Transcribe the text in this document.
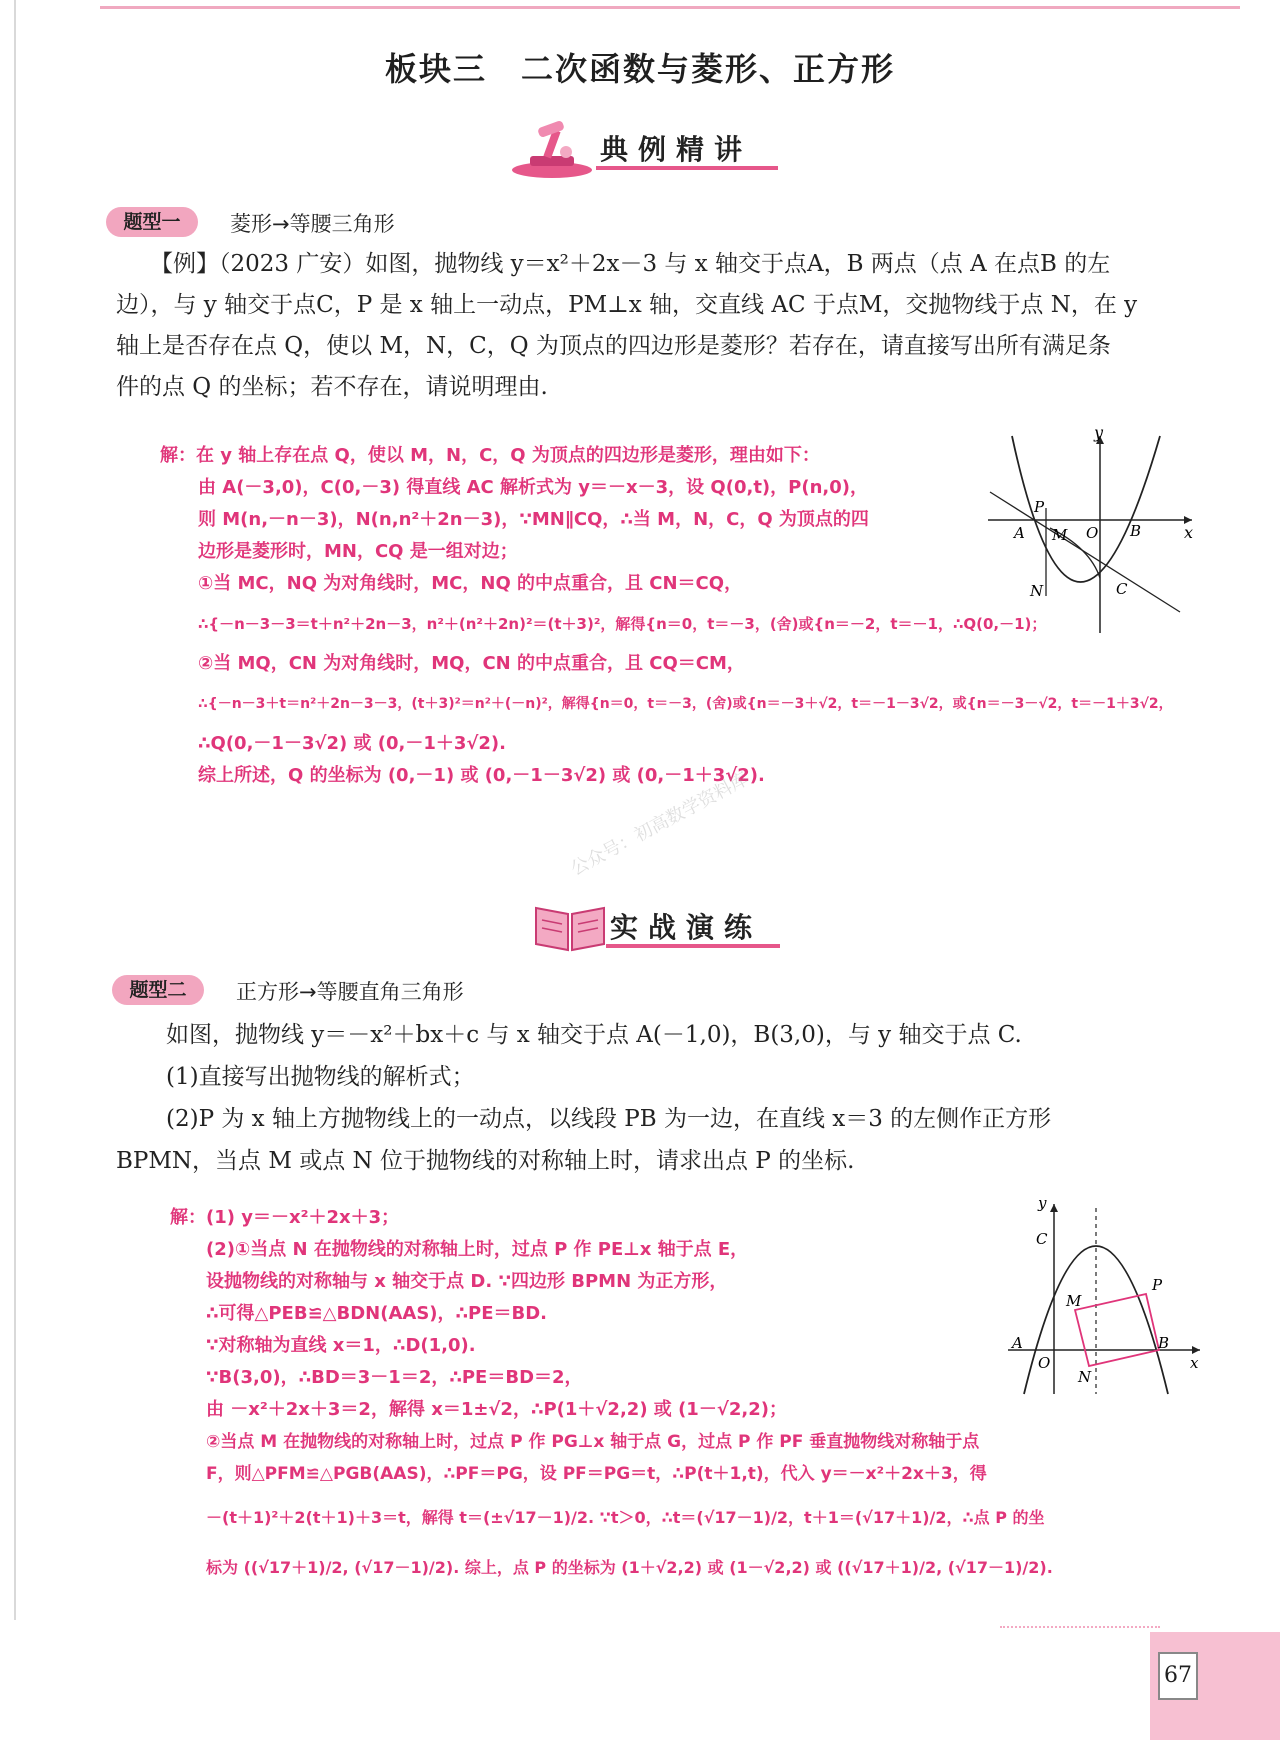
板块三　二次函数与菱形、正方形
典例精讲
题型一	菱形→等腰三角形
【例】（2023 广安）如图，抛物线 y＝x²＋2x－3 与 x 轴交于点A，B 两点（点 A 在点B 的左
边），与 y 轴交于点C，P 是 x 轴上一动点，PM⊥x 轴，交直线 AC 于点M，交抛物线于点 N，在 y
轴上是否存在点 Q，使以 M，N，C，Q 为顶点的四边形是菱形？若存在，请直接写出所有满足条
件的点 Q 的坐标；若不存在，请说明理由.
解：在 y 轴上存在点 Q，使以 M，N，C，Q 为顶点的四边形是菱形，理由如下：
由 A(－3,0)，C(0,－3) 得直线 AC 解析式为 y＝－x－3，设 Q(0,t)，P(n,0)，
则 M(n,－n－3)，N(n,n²＋2n－3)，∵MN∥CQ，∴当 M，N，C，Q 为顶点的四
边形是菱形时，MN，CQ 是一组对边；
①当 MC，NQ 为对角线时，MC，NQ 的中点重合，且 CN＝CQ，
∴{－n－3－3＝t＋n²＋2n－3，n²＋(n²＋2n)²＝(t＋3)²，解得{n＝0，t＝－3，(舍)或{n＝－2，t＝－1，∴Q(0,－1)；
②当 MQ，CN 为对角线时，MQ，CN 的中点重合，且 CQ＝CM，
∴{－n－3＋t＝n²＋2n－3－3，(t＋3)²＝n²＋(－n)²，解得{n＝0，t＝－3，(舍)或{n＝－3＋√2，t＝－1－3√2，或{n＝－3－√2，t＝－1＋3√2，
∴Q(0,－1－3√2) 或 (0,－1＋3√2).
综上所述，Q 的坐标为 (0,－1) 或 (0,－1－3√2) 或 (0,－1＋3√2).
y
x
P
A M O B
N	C
公众号：初高数学资料库
实战演练
题型二	正方形→等腰直角三角形
如图，抛物线 y＝－x²＋bx＋c 与 x 轴交于点 A(－1,0)，B(3,0)，与 y 轴交于点 C.
(1)直接写出抛物线的解析式；
(2)P 为 x 轴上方抛物线上的一动点，以线段 PB 为一边，在直线 x＝3 的左侧作正方形
BPMN，当点 M 或点 N 位于抛物线的对称轴上时，请求出点 P 的坐标.
解：(1) y＝－x²＋2x＋3；
(2)①当点 N 在抛物线的对称轴上时，过点 P 作 PE⊥x 轴于点 E，
设抛物线的对称轴与 x 轴交于点 D. ∵四边形 BPMN 为正方形，
∴可得△PEB≌△BDN(AAS)，∴PE＝BD.
∵对称轴为直线 x＝1，∴D(1,0).
∵B(3,0)，∴BD＝3－1＝2，∴PE＝BD＝2，
由 －x²＋2x＋3＝2，解得 x＝1±√2，∴P(1＋√2,2) 或 (1－√2,2)；
②当点 M 在抛物线的对称轴上时，过点 P 作 PG⊥x 轴于点 G，过点 P 作 PF 垂直抛物线对称轴于点
F，则△PFM≌△PGB(AAS)，∴PF＝PG，设 PF＝PG＝t，∴P(t＋1,t)，代入 y＝－x²＋2x＋3，得
－(t＋1)²＋2(t＋1)＋3＝t，解得 t＝(±√17－1)/2. ∵t＞0，∴t＝(√17－1)/2，t＋1＝(√17＋1)/2，∴点 P 的坐
标为 ((√17＋1)/2, (√17－1)/2). 综上，点 P 的坐标为 (1＋√2,2) 或 (1－√2,2) 或 ((√17＋1)/2, (√17－1)/2).
y
C
M
P
A	B
O
N
x
67
